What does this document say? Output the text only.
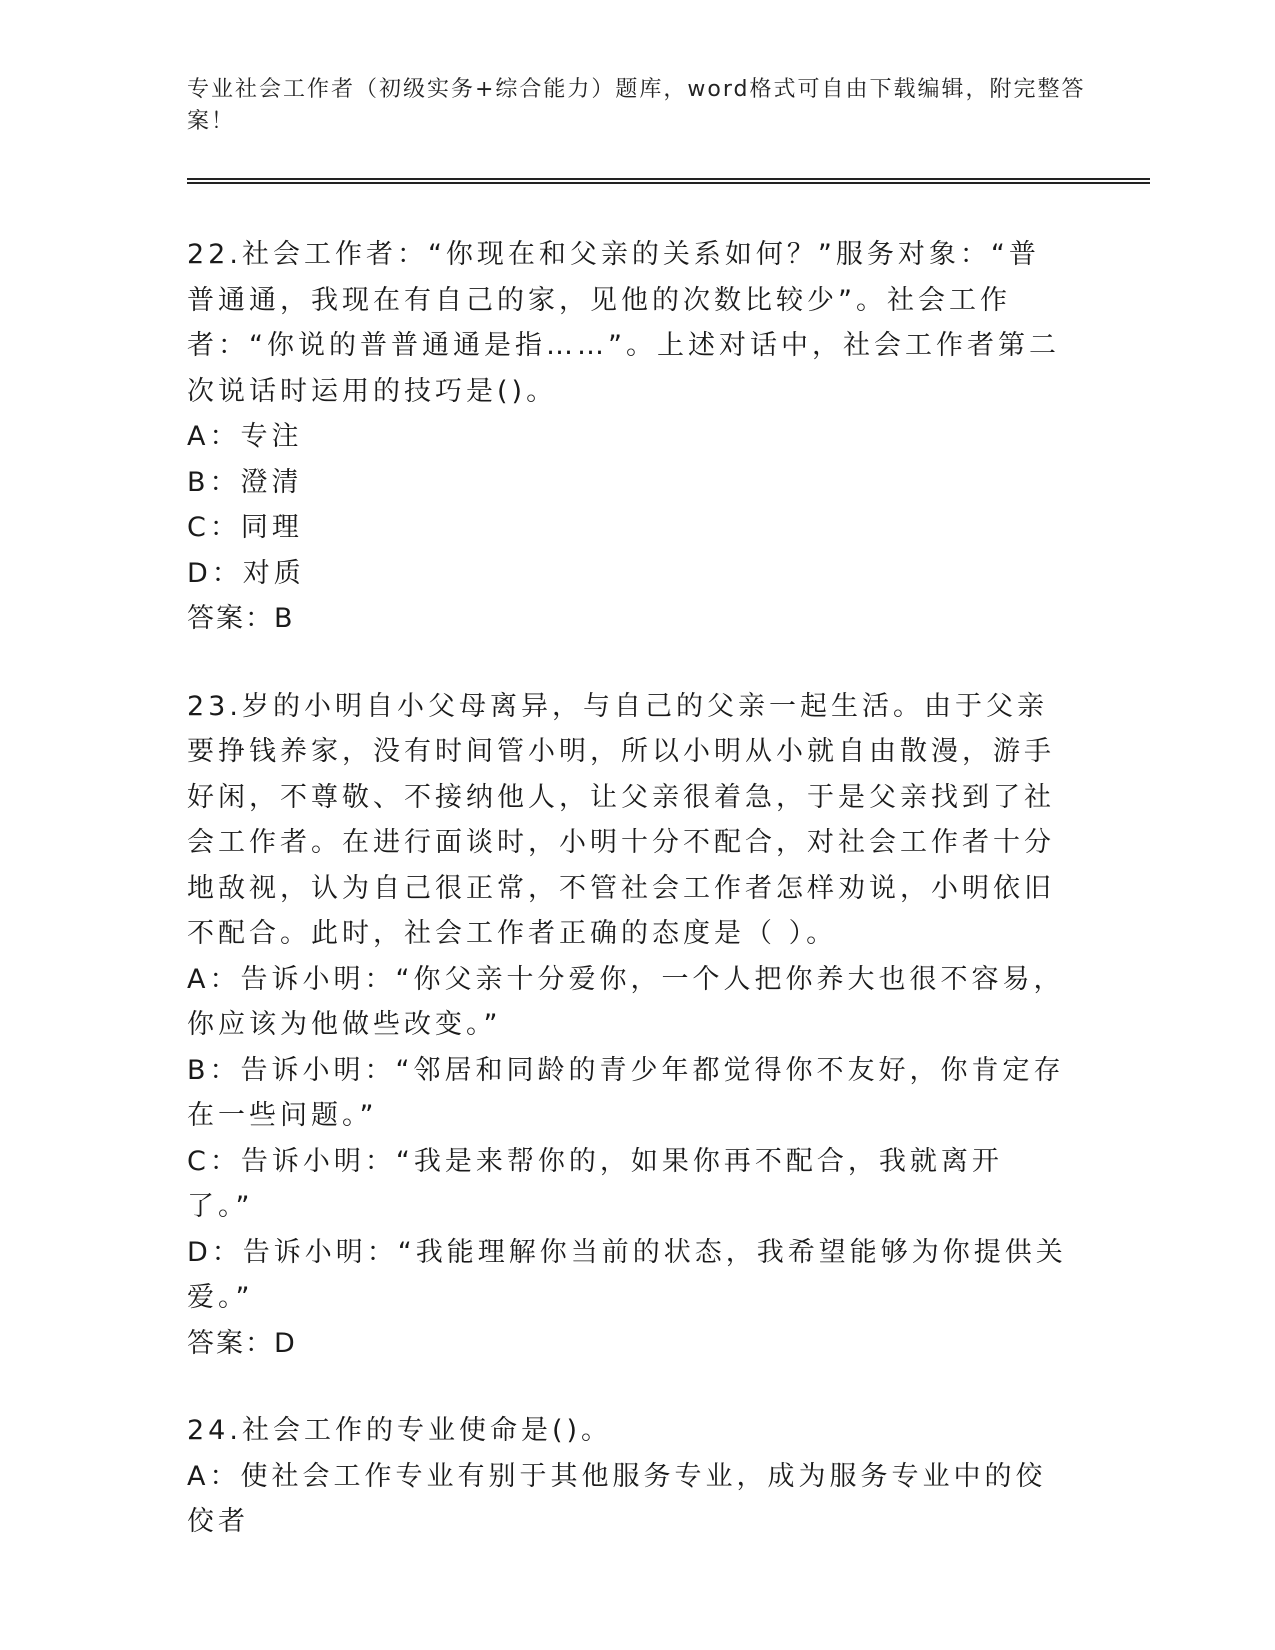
专业社会工作者（初级实务+综合能力）题库，word格式可自由下载编辑，附完整答案！
22.社会工作者：“你现在和父亲的关系如何？”服务对象：“普普通通，我现在有自己的家，见他的次数比较少”。社会工作者：“你说的普普通通是指……”。上述对话中，社会工作者第二次说话时运用的技巧是()。
A：专注
B：澄清
C：同理
D：对质
答案：B
23.岁的小明自小父母离异，与自己的父亲一起生活。由于父亲要挣钱养家，没有时间管小明，所以小明从小就自由散漫，游手好闲，不尊敬、不接纳他人，让父亲很着急，于是父亲找到了社会工作者。在进行面谈时，小明十分不配合，对社会工作者十分地敌视，认为自己很正常，不管社会工作者怎样劝说，小明依旧不配合。此时，社会工作者正确的态度是（ ）。
A：告诉小明：“你父亲十分爱你，一个人把你养大也很不容易，你应该为他做些改变。”
B：告诉小明：“邻居和同龄的青少年都觉得你不友好，你肯定存在一些问题。”
C：告诉小明：“我是来帮你的，如果你再不配合，我就离开了。”
D：告诉小明：“我能理解你当前的状态，我希望能够为你提供关爱。”
答案：D
24.社会工作的专业使命是()。
A：使社会工作专业有别于其他服务专业，成为服务专业中的佼佼者
